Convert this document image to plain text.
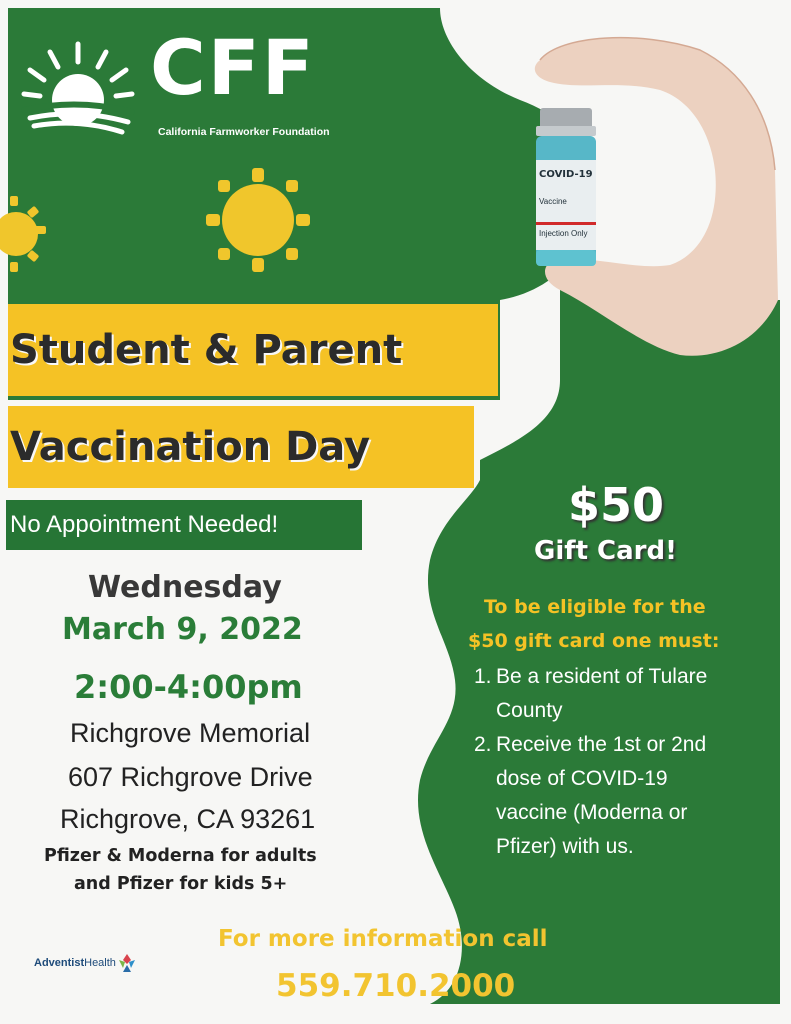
COVID-19
Vaccine
Injection Only
CFF
California Farmworker Foundation
Student & Parent
Vaccination Day
No Appointment Needed!
Wednesday
March 9, 2022
2:00-4:00pm
Richgrove Memorial
607 Richgrove Drive
Richgrove, CA 93261
Pfizer & Moderna for adults
and Pfizer for kids 5+
$50
Gift Card!
To be eligible for the
$50 gift card one must:
1. Be a resident of Tulare
County
2. Receive the 1st or 2nd
dose of COVID-19
vaccine (Moderna or
Pfizer) with us.
For more information call
559.710.2000
Adventist Health
